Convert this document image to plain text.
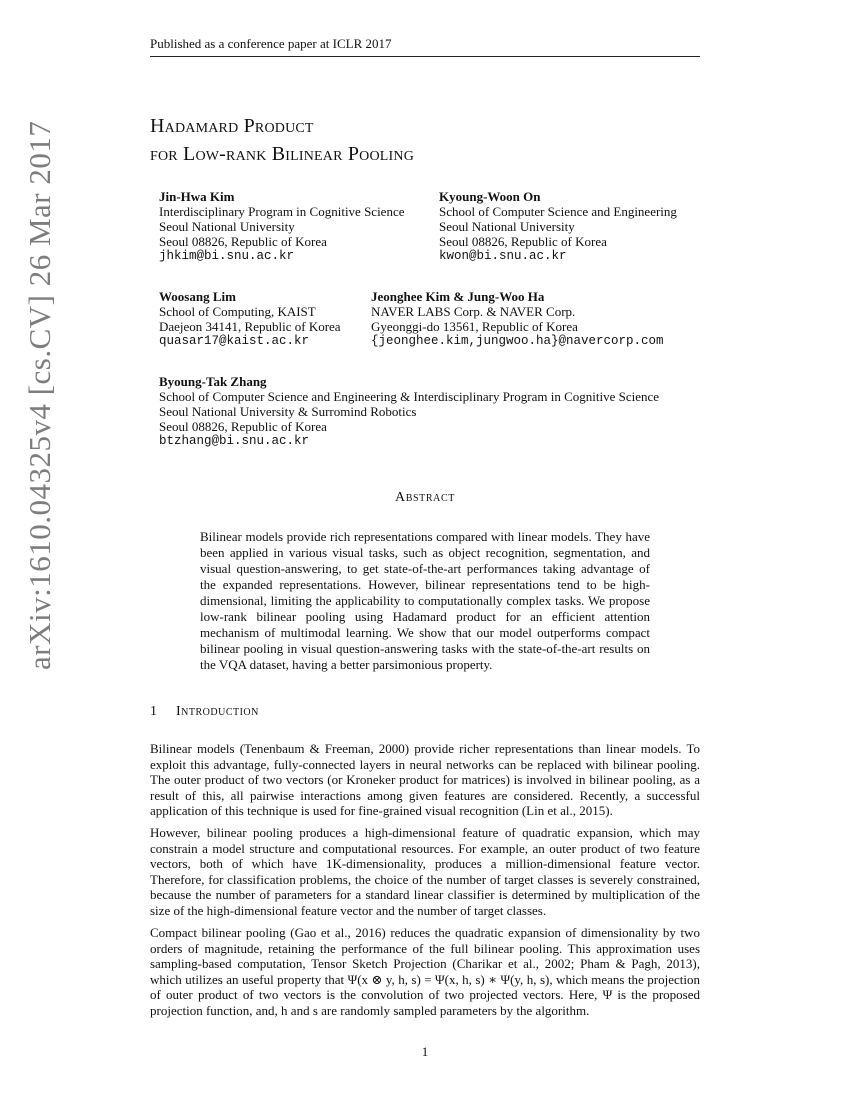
arXiv:1610.04325v4 [cs.CV] 26 Mar 2017
Published as a conference paper at ICLR 2017
Hadamard Product
for Low-rank Bilinear Pooling
Jin-Hwa Kim
Interdisciplinary Program in Cognitive Science
Seoul National University
Seoul 08826, Republic of Korea
jhkim@bi.snu.ac.kr
Kyoung-Woon On
School of Computer Science and Engineering
Seoul National University
Seoul 08826, Republic of Korea
kwon@bi.snu.ac.kr
Woosang Lim
School of Computing, KAIST
Daejeon 34141, Republic of Korea
quasar17@kaist.ac.kr
Jeonghee Kim & Jung-Woo Ha
NAVER LABS Corp. & NAVER Corp.
Gyeonggi-do 13561, Republic of Korea
{jeonghee.kim,jungwoo.ha}@navercorp.com
Byoung-Tak Zhang
School of Computer Science and Engineering & Interdisciplinary Program in Cognitive Science
Seoul National University & Surromind Robotics
Seoul 08826, Republic of Korea
btzhang@bi.snu.ac.kr
Abstract
Bilinear models provide rich representations compared with linear models. They have been applied in various visual tasks, such as object recognition, segmentation, and visual question-answering, to get state-of-the-art performances taking advantage of the expanded representations. However, bilinear representations tend to be high-dimensional, limiting the applicability to computationally complex tasks. We propose low-rank bilinear pooling using Hadamard product for an efficient attention mechanism of multimodal learning. We show that our model outperforms compact bilinear pooling in visual question-answering tasks with the state-of-the-art results on the VQA dataset, having a better parsimonious property.
1 Introduction
Bilinear models (Tenenbaum & Freeman, 2000) provide richer representations than linear models. To exploit this advantage, fully-connected layers in neural networks can be replaced with bilinear pooling. The outer product of two vectors (or Kroneker product for matrices) is involved in bilinear pooling, as a result of this, all pairwise interactions among given features are considered. Recently, a successful application of this technique is used for fine-grained visual recognition (Lin et al., 2015).
However, bilinear pooling produces a high-dimensional feature of quadratic expansion, which may constrain a model structure and computational resources. For example, an outer product of two feature vectors, both of which have 1K-dimensionality, produces a million-dimensional feature vector. Therefore, for classification problems, the choice of the number of target classes is severely constrained, because the number of parameters for a standard linear classifier is determined by multiplication of the size of the high-dimensional feature vector and the number of target classes.
Compact bilinear pooling (Gao et al., 2016) reduces the quadratic expansion of dimensionality by two orders of magnitude, retaining the performance of the full bilinear pooling. This approximation uses sampling-based computation, Tensor Sketch Projection (Charikar et al., 2002; Pham & Pagh, 2013), which utilizes an useful property that Ψ(x ⊗ y, h, s) = Ψ(x, h, s) ∗ Ψ(y, h, s), which means the projection of outer product of two vectors is the convolution of two projected vectors. Here, Ψ is the proposed projection function, and, h and s are randomly sampled parameters by the algorithm.
1
